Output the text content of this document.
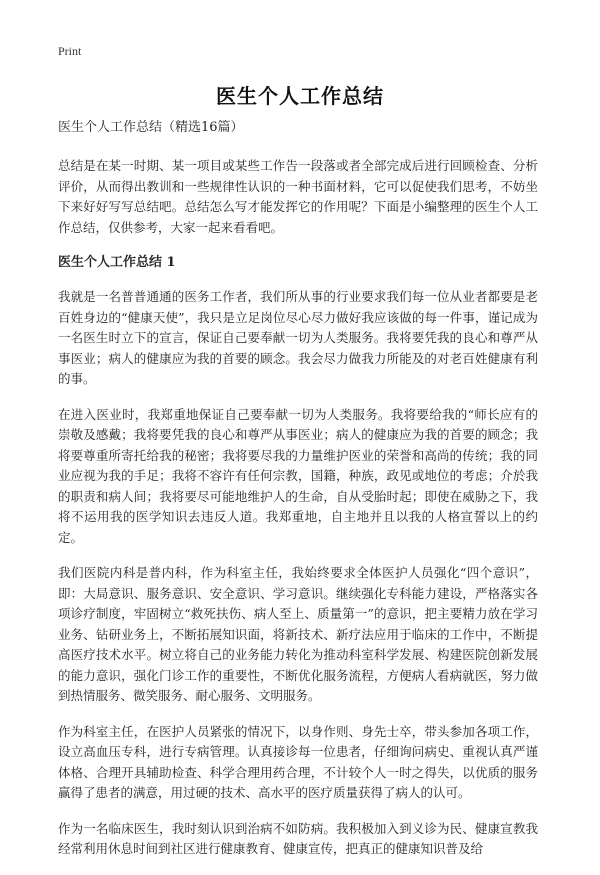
Print
医生个人工作总结

医生个人工作总结（精选16篇）

总结是在某一时期、某一项目或某些工作告一段落或者全部完成后进行回顾检查、分析评价，从而得出教训和一些规律性认识的一种书面材料，它可以促使我们思考，不妨坐下来好好写写总结吧。总结怎么写才能发挥它的作用呢？下面是小编整理的医生个人工作总结，仅供参考，大家一起来看看吧。

医生个人工作总结 1

我就是一名普普通通的医务工作者，我们所从事的行业要求我们每一位从业者都要是老百姓身边的“健康天使”，我只是立足岗位尽心尽力做好我应该做的每一件事，谨记成为一名医生时立下的宣言，保证自己要奉献一切为人类服务。我将要凭我的良心和尊严从事医业；病人的健康应为我的首要的顾念。我会尽力做我力所能及的对老百姓健康有利的事。

在进入医业时，我郑重地保证自己要奉献一切为人类服务。我将要给我的“师长应有的崇敬及感戴；我将要凭我的良心和尊严从事医业；病人的健康应为我的首要的顾念；我将要尊重所寄托给我的秘密；我将要尽我的力量维护医业的荣誉和高尚的传统；我的同业应视为我的手足；我将不容许有任何宗教，国籍，种族，政见或地位的考虑；介於我的职责和病人间；我将要尽可能地维护人的生命，自从受胎时起；即使在威胁之下，我将不运用我的医学知识去违反人道。我郑重地，自主地并且以我的人格宣誓以上的约定。

我们医院内科是普内科，作为科室主任，我始终要求全体医护人员强化“四个意识”，即：大局意识、服务意识、安全意识、学习意识。继续强化专科能力建设，严格落实各项诊疗制度，牢固树立“救死扶伤、病人至上、质量第一”的意识，把主要精力放在学习业务、钻研业务上，不断拓展知识面，将新技术、新疗法应用于临床的工作中，不断提高医疗技术水平。树立将自己的业务能力转化为推动科室科学发展、构建医院创新发展的能力意识，强化门诊工作的重要性，不断优化服务流程，方便病人看病就医，努力做到热情服务、微笑服务、耐心服务、文明服务。

作为科室主任，在医护人员紧张的情况下，以身作则、身先士卒，带头参加各项工作，设立高血压专科，进行专病管理。认真接诊每一位患者，仔细询问病史、重视认真严谨体格、合理开具辅助检查、科学合理用药合理，不计较个人一时之得失，以优质的服务赢得了患者的满意，用过硬的技术、高水平的医疗质量获得了病人的认可。

作为一名临床医生，我时刻认识到治病不如防病。我积极加入到义诊为民、健康宣教我经常利用休息时间到社区进行健康教育、健康宣传，把真正的健康知识普及给
